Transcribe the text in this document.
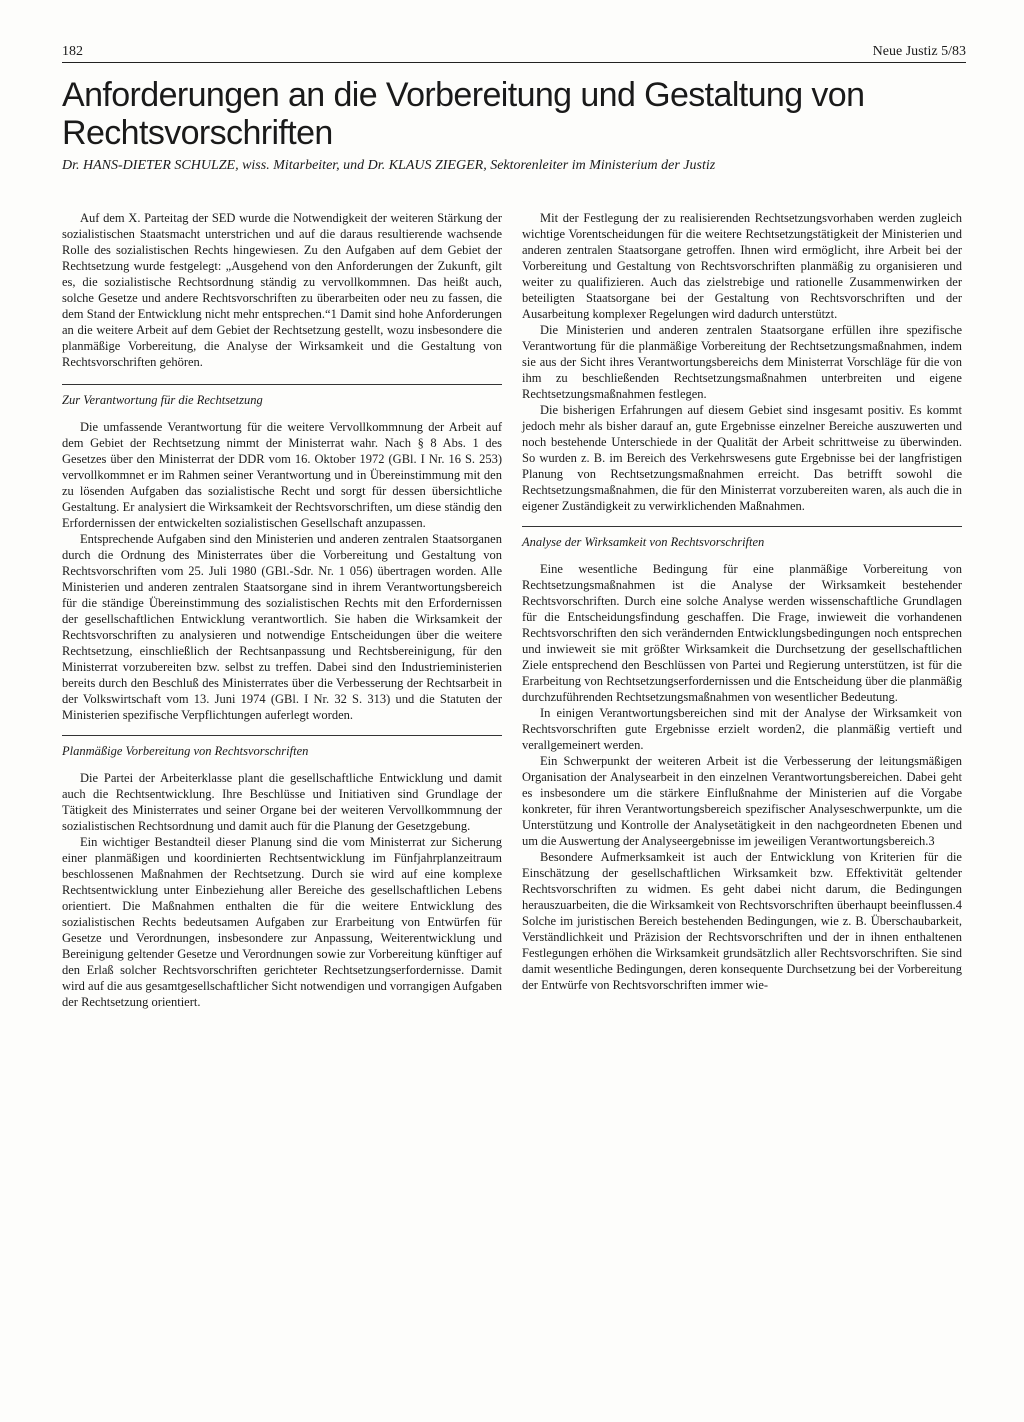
182	Neue Justiz 5/83
Anforderungen an die Vorbereitung und Gestaltung von Rechtsvorschriften

Dr. HANS-DIETER SCHULZE, wiss. Mitarbeiter, und Dr. KLAUS ZIEGER, Sektorenleiter im Ministerium der Justiz

Auf dem X. Parteitag der SED wurde die Notwendigkeit der weiteren Stärkung der sozialistischen Staatsmacht unterstrichen und auf die daraus resultierende wachsende Rolle des sozialistischen Rechts hingewiesen. Zu den Aufgaben auf dem Gebiet der Rechtsetzung wurde festgelegt: „Ausgehend von den Anforderungen der Zukunft, gilt es, die sozialistische Rechtsordnung ständig zu vervollkommnen. Das heißt auch, solche Gesetze und andere Rechtsvorschriften zu überarbeiten oder neu zu fassen, die dem Stand der Entwicklung nicht mehr entsprechen.“1 Damit sind hohe Anforderungen an die weitere Arbeit auf dem Gebiet der Rechtsetzung gestellt, wozu insbesondere die planmäßige Vorbereitung, die Analyse der Wirksamkeit und die Gestaltung von Rechtsvorschriften gehören.

Zur Verantwortung für die Rechtsetzung

Die umfassende Verantwortung für die weitere Vervollkommnung der Arbeit auf dem Gebiet der Rechtsetzung nimmt der Ministerrat wahr. Nach § 8 Abs. 1 des Gesetzes über den Ministerrat der DDR vom 16. Oktober 1972 (GBl. I Nr. 16 S. 253) vervollkommnet er im Rahmen seiner Verantwortung und in Übereinstimmung mit den zu lösenden Aufgaben das sozialistische Recht und sorgt für dessen übersichtliche Gestaltung. Er analysiert die Wirksamkeit der Rechtsvorschriften, um diese ständig den Erfordernissen der entwickelten sozialistischen Gesellschaft anzupassen.

Entsprechende Aufgaben sind den Ministerien und anderen zentralen Staatsorganen durch die Ordnung des Ministerrates über die Vorbereitung und Gestaltung von Rechtsvorschriften vom 25. Juli 1980 (GBl.-Sdr. Nr. 1 056) übertragen worden. Alle Ministerien und anderen zentralen Staatsorgane sind in ihrem Verantwortungsbereich für die ständige Übereinstimmung des sozialistischen Rechts mit den Erfordernissen der gesellschaftlichen Entwicklung verantwortlich. Sie haben die Wirksamkeit der Rechtsvorschriften zu analysieren und notwendige Entscheidungen über die weitere Rechtsetzung, einschließlich der Rechtsanpassung und Rechtsbereinigung, für den Ministerrat vorzubereiten bzw. selbst zu treffen. Dabei sind den Industrieministerien bereits durch den Beschluß des Ministerrates über die Verbesserung der Rechtsarbeit in der Volkswirtschaft vom 13. Juni 1974 (GBl. I Nr. 32 S. 313) und die Statuten der Ministerien spezifische Verpflichtungen auferlegt worden.

Planmäßige Vorbereitung von Rechtsvorschriften

Die Partei der Arbeiterklasse plant die gesellschaftliche Entwicklung und damit auch die Rechtsentwicklung. Ihre Beschlüsse und Initiativen sind Grundlage der Tätigkeit des Ministerrates und seiner Organe bei der weiteren Vervollkommnung der sozialistischen Rechtsordnung und damit auch für die Planung der Gesetzgebung.

Ein wichtiger Bestandteil dieser Planung sind die vom Ministerrat zur Sicherung einer planmäßigen und koordinierten Rechtsentwicklung im Fünfjahrplanzeitraum beschlossenen Maßnahmen der Rechtsetzung. Durch sie wird auf eine komplexe Rechtsentwicklung unter Einbeziehung aller Bereiche des gesellschaftlichen Lebens orientiert. Die Maßnahmen enthalten die für die weitere Entwicklung des sozialistischen Rechts bedeutsamen Aufgaben zur Erarbeitung von Entwürfen für Gesetze und Verordnungen, insbesondere zur Anpassung, Weiterentwicklung und Bereinigung geltender Gesetze und Verordnungen sowie zur Vorbereitung künftiger auf den Erlaß solcher Rechtsvorschriften gerichteter Rechtsetzungserfordernisse. Damit wird auf die aus gesamtgesellschaftlicher Sicht notwendigen und vorrangigen Aufgaben der Rechtsetzung orientiert.

Mit der Festlegung der zu realisierenden Rechtsetzungsvorhaben werden zugleich wichtige Vorentscheidungen für die weitere Rechtsetzungstätigkeit der Ministerien und anderen zentralen Staatsorgane getroffen. Ihnen wird ermöglicht, ihre Arbeit bei der Vorbereitung und Gestaltung von Rechtsvorschriften planmäßig zu organisieren und weiter zu qualifizieren. Auch das zielstrebige und rationelle Zusammenwirken der beteiligten Staatsorgane bei der Gestaltung von Rechtsvorschriften und der Ausarbeitung komplexer Regelungen wird dadurch unterstützt.

Die Ministerien und anderen zentralen Staatsorgane erfüllen ihre spezifische Verantwortung für die planmäßige Vorbereitung der Rechtsetzungsmaßnahmen, indem sie aus der Sicht ihres Verantwortungsbereichs dem Ministerrat Vorschläge für die von ihm zu beschließenden Rechtsetzungsmaßnahmen unterbreiten und eigene Rechtsetzungsmaßnahmen festlegen.

Die bisherigen Erfahrungen auf diesem Gebiet sind insgesamt positiv. Es kommt jedoch mehr als bisher darauf an, gute Ergebnisse einzelner Bereiche auszuwerten und noch bestehende Unterschiede in der Qualität der Arbeit schrittweise zu überwinden. So wurden z. B. im Bereich des Verkehrswesens gute Ergebnisse bei der langfristigen Planung von Rechtsetzungsmaßnahmen erreicht. Das betrifft sowohl die Rechtsetzungsmaßnahmen, die für den Ministerrat vorzubereiten waren, als auch die in eigener Zuständigkeit zu verwirklichenden Maßnahmen.

Analyse der Wirksamkeit von Rechtsvorschriften

Eine wesentliche Bedingung für eine planmäßige Vorbereitung von Rechtsetzungsmaßnahmen ist die Analyse der Wirksamkeit bestehender Rechtsvorschriften. Durch eine solche Analyse werden wissenschaftliche Grundlagen für die Entscheidungsfindung geschaffen. Die Frage, inwieweit die vorhandenen Rechtsvorschriften den sich verändernden Entwicklungsbedingungen noch entsprechen und inwieweit sie mit größter Wirksamkeit die Durchsetzung der gesellschaftlichen Ziele entsprechend den Beschlüssen von Partei und Regierung unterstützen, ist für die Erarbeitung von Rechtsetzungserfordernissen und die Entscheidung über die planmäßig durchzuführenden Rechtsetzungsmaßnahmen von wesentlicher Bedeutung.

In einigen Verantwortungsbereichen sind mit der Analyse der Wirksamkeit von Rechtsvorschriften gute Ergebnisse erzielt worden2, die planmäßig vertieft und verallgemeinert werden.

Ein Schwerpunkt der weiteren Arbeit ist die Verbesserung der leitungsmäßigen Organisation der Analysearbeit in den einzelnen Verantwortungsbereichen. Dabei geht es insbesondere um die stärkere Einflußnahme der Ministerien auf die Vorgabe konkreter, für ihren Verantwortungsbereich spezifischer Analyseschwerpunkte, um die Unterstützung und Kontrolle der Analysetätigkeit in den nachgeordneten Ebenen und um die Auswertung der Analyseergebnisse im jeweiligen Verantwortungsbereich.3

Besondere Aufmerksamkeit ist auch der Entwicklung von Kriterien für die Einschätzung der gesellschaftlichen Wirksamkeit bzw. Effektivität geltender Rechtsvorschriften zu widmen. Es geht dabei nicht darum, die Bedingungen herauszuarbeiten, die die Wirksamkeit von Rechtsvorschriften überhaupt beeinflussen.4 Solche im juristischen Bereich bestehenden Bedingungen, wie z. B. Überschaubarkeit, Verständlichkeit und Präzision der Rechtsvorschriften und der in ihnen enthaltenen Festlegungen erhöhen die Wirksamkeit grundsätzlich aller Rechtsvorschriften. Sie sind damit wesentliche Bedingungen, deren konsequente Durchsetzung bei der Vorbereitung der Entwürfe von Rechtsvorschriften immer wie-
